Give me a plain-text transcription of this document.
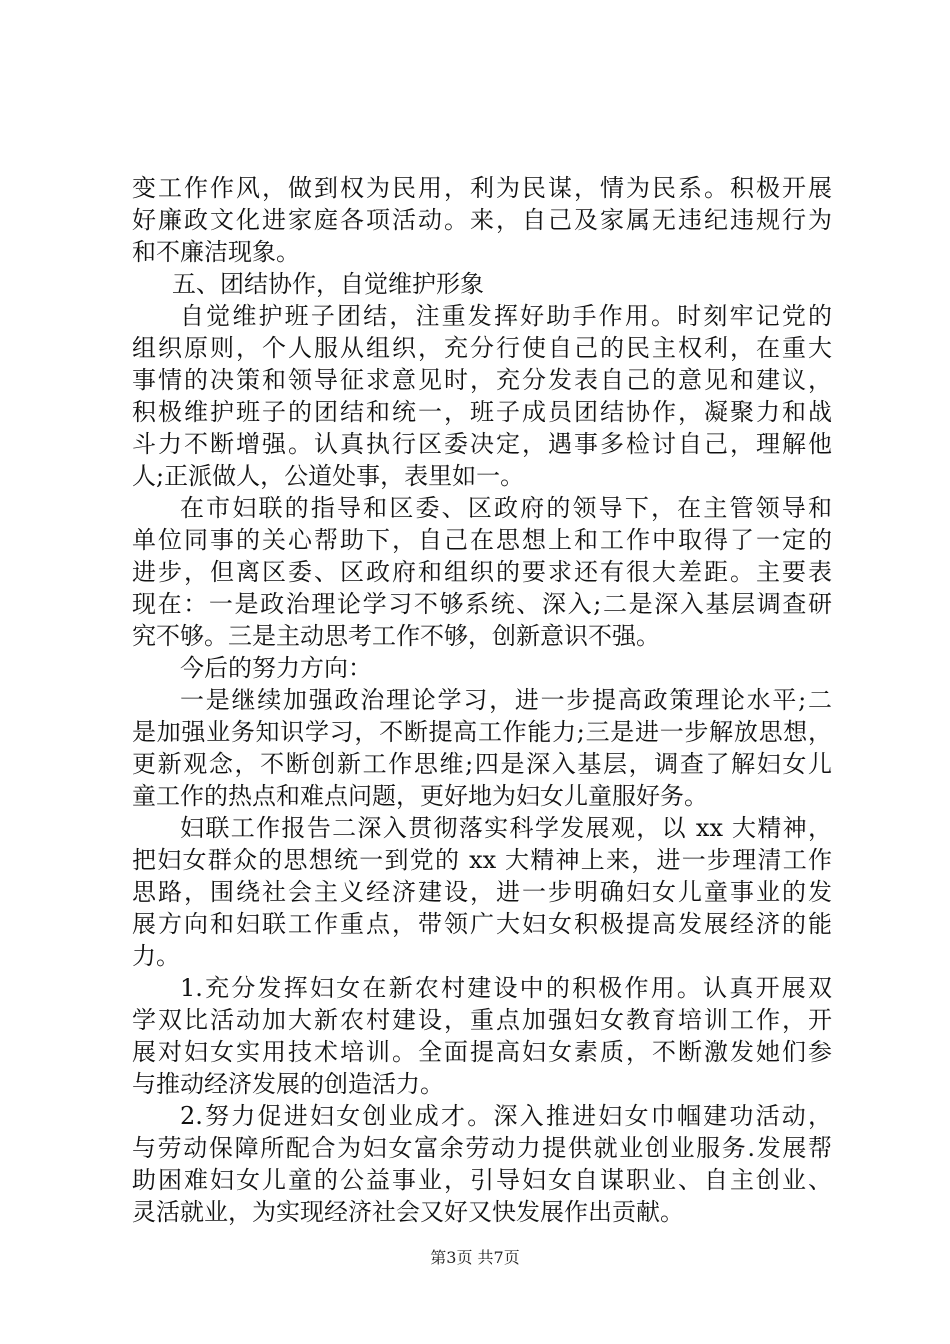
变工作作风，做到权为民用，利为民谋，情为民系。积极开展
好廉政文化进家庭各项活动。来，自己及家属无违纪违规行为
和不廉洁现象。
五、团结协作，自觉维护形象
自觉维护班子团结，注重发挥好助手作用。时刻牢记党的
组织原则，个人服从组织，充分行使自己的民主权利，在重大
事情的决策和领导征求意见时，充分发表自己的意见和建议，
积极维护班子的团结和统一，班子成员团结协作，凝聚力和战
斗力不断增强。认真执行区委决定，遇事多检讨自己，理解他
人;正派做人，公道处事，表里如一。
在市妇联的指导和区委、区政府的领导下，在主管领导和
单位同事的关心帮助下，自己在思想上和工作中取得了一定的
进步，但离区委、区政府和组织的要求还有很大差距。主要表
现在：一是政治理论学习不够系统、深入;二是深入基层调查研
究不够。三是主动思考工作不够，创新意识不强。
今后的努力方向：
一是继续加强政治理论学习，进一步提高政策理论水平;二
是加强业务知识学习，不断提高工作能力;三是进一步解放思想，
更新观念，不断创新工作思维;四是深入基层，调查了解妇女儿
童工作的热点和难点问题，更好地为妇女儿童服好务。
妇联工作报告二深入贯彻落实科学发展观，以 xx 大精神，
把妇女群众的思想统一到党的 xx 大精神上来，进一步理清工作
思路，围绕社会主义经济建设，进一步明确妇女儿童事业的发
展方向和妇联工作重点，带领广大妇女积极提高发展经济的能
力。
1.充分发挥妇女在新农村建设中的积极作用。认真开展双
学双比活动加大新农村建设，重点加强妇女教育培训工作，开
展对妇女实用技术培训。全面提高妇女素质，不断激发她们参
与推动经济发展的创造活力。
2.努力促进妇女创业成才。深入推进妇女巾帼建功活动，
与劳动保障所配合为妇女富余劳动力提供就业创业服务.发展帮
助困难妇女儿童的公益事业，引导妇女自谋职业、自主创业、
灵活就业，为实现经济社会又好又快发展作出贡献。
第3页 共7页
